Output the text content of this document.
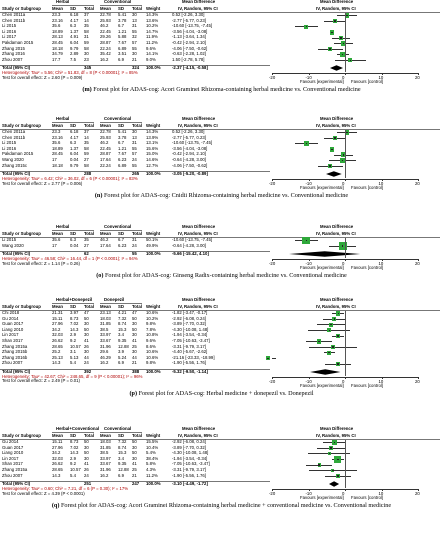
Herbal	Conventional	Mean Difference	Mean Difference
Study or Subgroup	Mean SD Total Mean SD Total Weight	IV, Random, 95% CI	IV, Random, 95% CI
Chen 2011a	23.3 6.18 37	22.78 5.41 30 14.3%	0.52 [-2.26, 3.30]
Chen 2011b	23.16 4.17 14	25.93 3.78 13 13.6%	-2.77 [-5.77, 0.23]
Li 2015	35.6 6.3 35	46.2 6.7 31 10.2%	-10.60 [-13.75, -7.45]
Li 2016	18.89 1.37 58	22.45 1.21 55 14.7%	-3.56 [-4.04, -3.08]
Li 2017	28.13 4.91 31	29.26 5.88 32 11.9%	-1.13 [-3.64, 1.34]
Pakdaman 2015	28.45 6.04 59	28.87 7.67 57 11.2%	-0.42 [-2.94, 2.10]
Zhang 2015	18.18 9.79 58	22.24 6.89 55 9.6%	-4.06 [-7.50, -0.62]
Zhang 2016	34.79 2.89 30	35.42 3.51 30 14.1%	-0.63 [-2.28, 1.02]
Zhou 2007	17.7 7.5 23	16.2 6.9 21 9.0%	1.50 [-2.78, 5.78]
Total (95% CI)	345	324 100.0%	-2.37 [-4.15, -0.58]
Heterogeneity: Tau² = 5.56; Chi² = 51.83, df = 8 (P < 0.00001); I² = 85%
Test for overall effect: Z = 2.60 (P = 0.009)	-20	-10	0	10	20
Favours [experimental] Favours [control]
(m) Forest plot for ADAS-cog: Acori Graminei Rhizoma-containing herbal medicine vs. Conventional medicine
Herbal	Conventional	Mean Difference	Mean Difference
Study or Subgroup	Mean SD Total Mean SD Total Weight	IV, Random, 95% CI	IV, Random, 95% CI
Chen 2011a	23.3 6.18 37	22.78 5.41 30 14.3%	0.52 [-2.26, 3.30]
Chen 2011b	23.16 4.17 14	25.93 3.78 13 13.9%	-2.77 [-5.77, 0.23]
Li 2015	35.6 6.3 35	46.2 6.7 31 13.1%	-10.60 [-13.75, -7.45]
Li 2016	18.89 1.37 58	22.45 1.21 55 15.6%	-3.56 [-4.04, -3.08]
Pakdaman 2015	28.45 6.04 59	28.87 7.67 57 15.0%	-0.42 [-2.94, 2.10]
Wang 2020	17	0.04 27	17.64 6.23 24 14.6%	-0.64 [-4.28, 3.00]
Zhang 2015c	18.18 9.79 58	22.24 6.89 55 12.7%	-4.06 [-7.50, -0.62]
Total (95% CI)	288	265 100.0%	-3.05 [-5.20, -0.89]
Heterogeneity: Tau² = 6.42; Chi² = 36.02, df = 6 (P < 0.00001); I² = 83%
Test for overall effect: Z = 2.77 (P = 0.006)	-20	-10	0	10	20
Favours [experimental] Favours [control]
(n) Forest plot for ADAS-cog: Cnidii Rhizoma-containing herbal medicine vs. Conventional medicine
Herbal	Conventional	Mean Difference	Mean Difference
Study or Subgroup	Mean SD Total Mean SD Total Weight	IV, Random, 95% CI	IV, Random, 95% CI
Li 2015	35.6 6.3 35	46.2 6.7 31 50.1%	-10.60 [-13.75, -7.45]
Wang 2020	17	0.04 27	17.64 6.23 24 49.9%	-0.64 [-4.28, 3.00]
Total (95% CI)	62	55 100.0%	-5.66 [-15.42, 4.10]
Heterogeneity: Tau² = 46.58; Chi² = 16.44, df = 1 (P < 0.0001); I² = 94%
Test for overall effect: Z = 1.14 (P = 0.26)	-20	-10	0	10	20
Favours [experimental] Favours [control]
(o) Forest plot for ADAS-cog: Ginseng Radix-containing herbal medicine vs. Conventional medicine
Herbal+Donepezil	Donepezil	Mean Difference	Mean Difference
Study or Subgroup	Mean SD Total Mean SD Total Weight	IV, Random, 95% CI	IV, Random, 95% CI
Chi 2018	21.31 3.97 47	23.13 4.21 47 10.6%	-1.82 [-3.47, -0.17]
Gu 2014	15.11 8.73 50	18.03 7.32 50 10.2%	-2.92 [-6.08, 0.24]
Guan 2017	27.96 7.02 30	31.85 8.74 30 9.8%	-3.89 [-7.70, 0.32]
Liang 2010	34.2 14.3 50	38.5 15.3 50 7.8%	-4.30 [-10.08, 1.48]
Lin 2017	32.03 2.9 30	33.97 3.4 30 10.8%	-1.94 [-3.54, -0.34]
Shan 2017	26.62 9.2 41	33.67 9.35 41 9.6%	-7.05 [-10.63, -3.47]
Zhang 2015a	28.65 10.57 26	31.96 12.88 25 8.6%	-3.31 [-9.79, 3.17]
Zhang 2015b	25.2 3.1 30	29.6 3.9 30 10.6%	-4.40 [-5.67, -2.62]
Zhang 2016b	25.13 5.13 44	46.29 5.24 44 10.6%	-21.16 [-23.33, -18.99]
Zhou 2007	14.3 5.4 24	16.2 6.9 21 9.8%	-1.90 [-5.56, 1.76]
Total (95% CI)	392	388 100.0%	-5.32 [-9.50, -1.14]
Heterogeneity: Tau² = 42.67; Chi² = 248.65, df = 9 (P < 0.00001); I² = 96%
Test for overall effect: Z = 2.49 (P = 0.01)	-20	-10	0	10	20
Favours [experimental] Favours [control]
(p) Forest plot for ADAS-cog: Herbal medicine + donepezil vs. Donepezil
Herbal+Conventional Conventional	Mean Difference	Mean Difference
Study or Subgroup	Mean SD Total Mean SD Total Weight	IV, Random, 95% CI	IV, Random, 95% CI
Gu 2014	15.11 8.73 50	18.03 7.32 50 15.5%	-2.92 [-6.08, 0.24]
Guan 2017	27.96 7.02 30	31.85 8.74 30 10.4%	-3.89 [-7.70, 0.32]
Liang 2010	34.2 14.3 50	38.5 15.3 50 5.4%	-4.30 [-10.08, 1.48]
Lin 2017	32.03 2.9 30	33.97 3.4 30 38.4%	-1.94 [-3.54, -0.34]
Shan 2017	26.62 9.2 41	33.67 9.35 41 5.8%	-7.05 [-10.63, -3.47]
Zhang 2015a	28.65 10.57 26	31.96 12.88 25 4.3%	-3.31 [-9.79, 3.17]
Zhou 2007	14.3 5.4 24	16.2 6.9 21 11.2%	-1.90 [-5.56, 1.76]
Total (95% CI)	251	247 100.0%	-3.10 [-4.49, -1.72]
Heterogeneity: Tau² = 0.60; Chi² = 7.21, df = 6 (P = 0.30); I² = 17%
Test for overall effect: Z = 4.39 (P < 0.0001)	-20	-10	0	10	20
Favours [experimental] Favours [control]
(q) Forest plot for ADAS-cog: Acori Graminei Rhizoma-containing herbal medicine + conventional medicine vs. Conventional medicine
